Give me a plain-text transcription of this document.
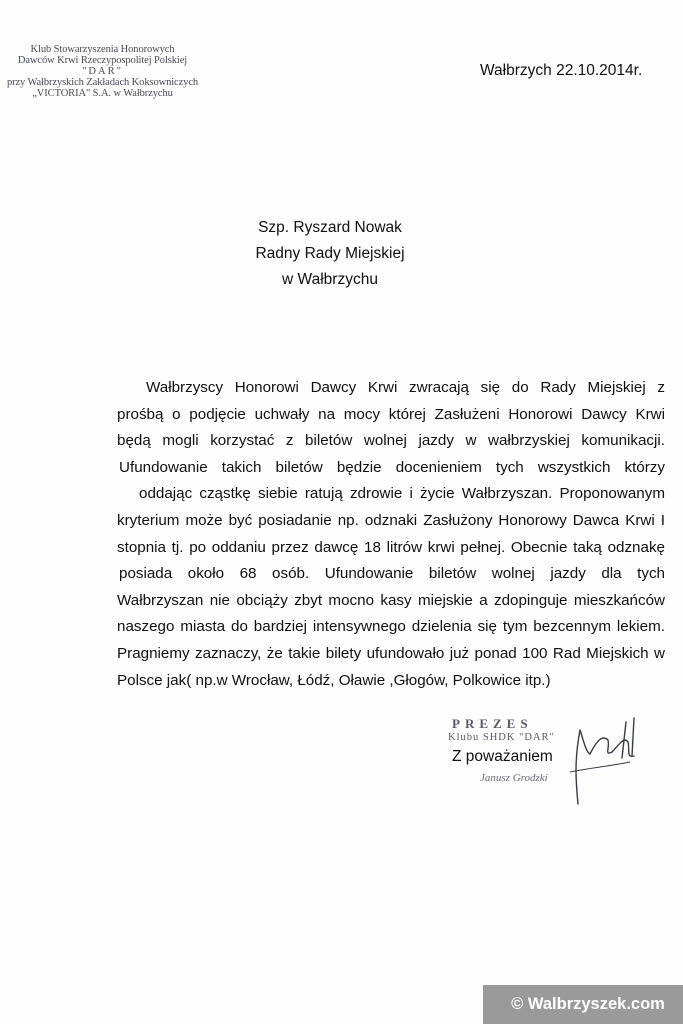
Klub Stowarzyszenia Honorowych
Dawców Krwi Rzeczypospolitej Polskiej
"DAR"
przy Wałbrzyskich Zakładach Koksowniczych
„VICTORIA" S.A. w Wałbrzychu
Wałbrzych 22.10.2014r.
Szp. Ryszard Nowak
Radny Rady Miejskiej
w Wałbrzychu
Wałbrzyscy Honorowi Dawcy Krwi zwracają się do Rady Miejskiej z
prośbą o podjęcie uchwały na mocy której Zasłużeni Honorowi Dawcy Krwi
będą mogli korzystać z biletów wolnej jazdy w wałbrzyskiej komunikacji.
Ufundowanie takich biletów będzie docenieniem tych wszystkich którzy
oddając cząstkę siebie ratują zdrowie i życie Wałbrzyszan. Proponowanym
kryterium może być posiadanie np. odznaki Zasłużony Honorowy Dawca Krwi I
stopnia tj. po oddaniu przez dawcę 18 litrów krwi pełnej. Obecnie taką odznakę
posiada około 68 osób. Ufundowanie biletów wolnej jazdy dla tych
Wałbrzyszan nie obciąży zbyt mocno kasy miejskie a zdopinguje mieszkańców
naszego miasta do bardziej intensywnego dzielenia się tym bezcennym lekiem.
Pragniemy zaznaczy, że takie bilety ufundowało już ponad 100 Rad Miejskich w
Polsce jak( np.w Wrocław, Łódź, Oławie ,Głogów, Polkowice itp.)
PREZES
Klubu SHDK "DAR"
Z poważaniem
Janusz Grodzki
© Walbrzyszek.com
